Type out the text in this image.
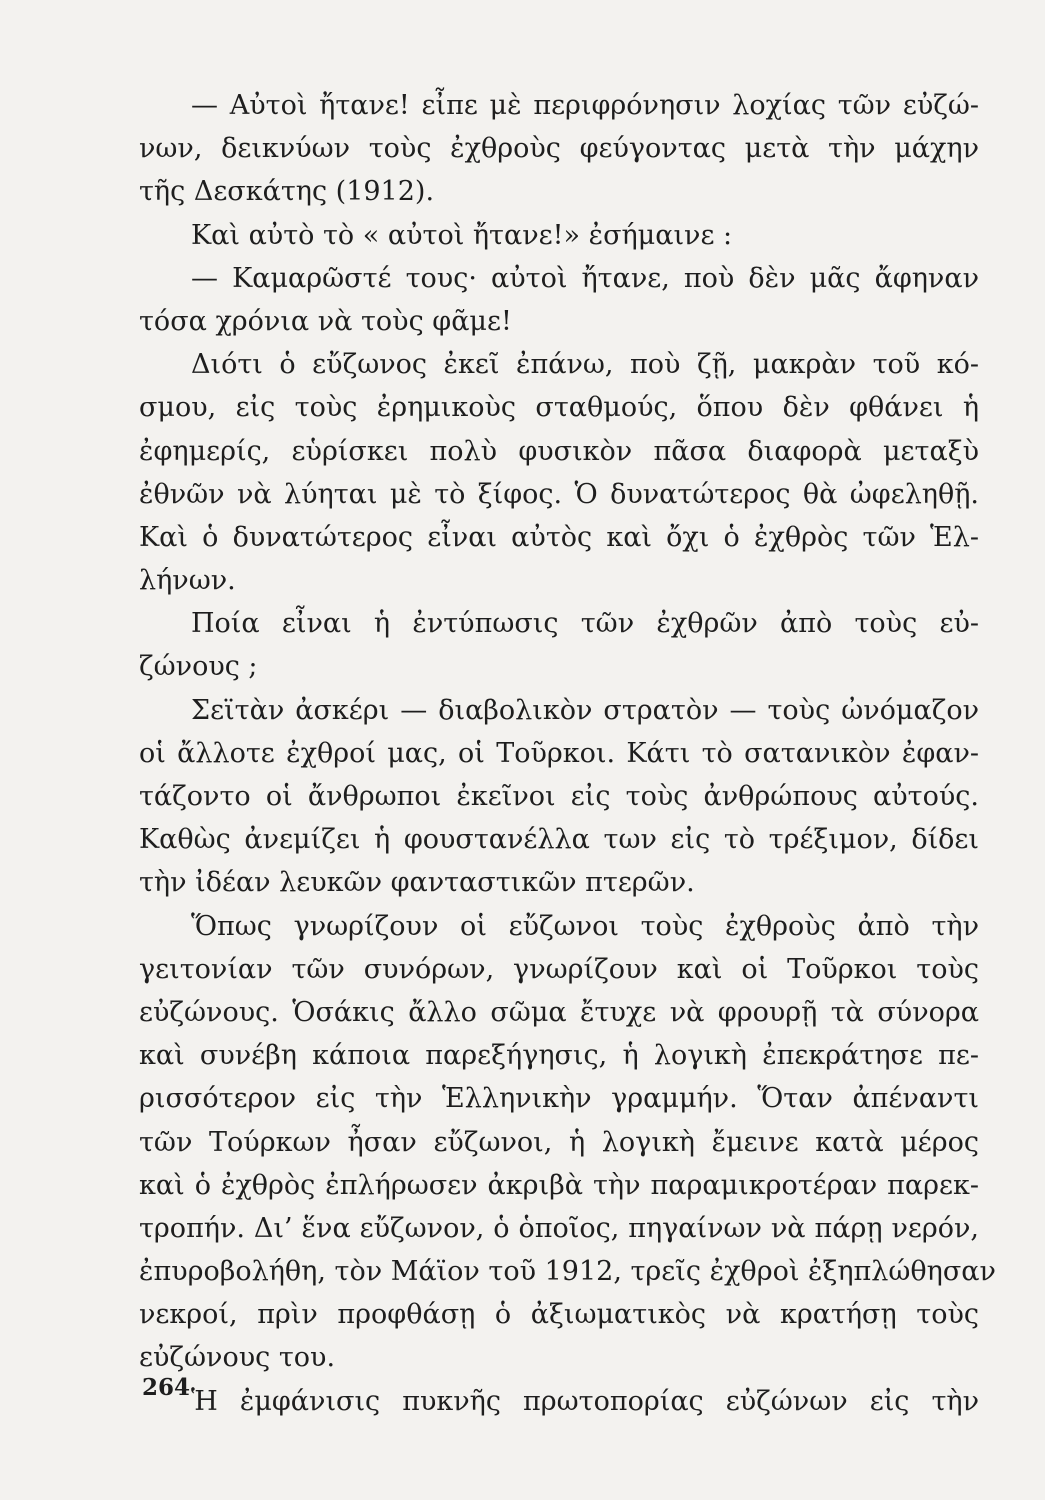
— Αὐτοὶ ἤτανε! εἶπε μὲ περιφρόνησιν λοχίας τῶν εὐζώ-
νων, δεικνύων τοὺς ἐχθροὺς φεύγοντας μετὰ τὴν μάχην
τῆς Δεσκάτης (1912).
Καὶ αὐτὸ τὸ « αὐτοὶ ἤτανε!» ἐσήμαινε :
— Καμαρῶστέ τους· αὐτοὶ ἤτανε, ποὺ δὲν μᾶς ἄφηναν
τόσα χρόνια νὰ τοὺς φᾶμε!
Διότι ὁ εὔζωνος ἐκεῖ ἐπάνω, ποὺ ζῇ, μακρὰν τοῦ κό-
σμου, εἰς τοὺς ἐρημικοὺς σταθμούς, ὅπου δὲν φθάνει ἡ
ἐφημερίς, εὑρίσκει πολὺ φυσικὸν πᾶσα διαφορὰ μεταξὺ
ἐθνῶν νὰ λύηται μὲ τὸ ξίφος. Ὁ δυνατώτερος θὰ ὠφεληθῇ.
Καὶ ὁ δυνατώτερος εἶναι αὐτὸς καὶ ὄχι ὁ ἐχθρὸς τῶν Ἑλ-
λήνων.
Ποία εἶναι ἡ ἐντύπωσις τῶν ἐχθρῶν ἀπὸ τοὺς εὐ-
ζώνους ;
Σεϊτὰν ἀσκέρι — διαβολικὸν στρατὸν — τοὺς ὠνόμαζον
οἱ ἄλλοτε ἐχθροί μας, οἱ Τοῦρκοι. Κάτι τὸ σατανικὸν ἐφαν-
τάζοντο οἱ ἄνθρωποι ἐκεῖνοι εἰς τοὺς ἀνθρώπους αὐτούς.
Καθὼς ἀνεμίζει ἡ φουστανέλλα των εἰς τὸ τρέξιμον, δίδει
τὴν ἰδέαν λευκῶν φανταστικῶν πτερῶν.
Ὅπως γνωρίζουν οἱ εὔζωνοι τοὺς ἐχθροὺς ἀπὸ τὴν
γειτονίαν τῶν συνόρων, γνωρίζουν καὶ οἱ Τοῦρκοι τοὺς
εὐζώνους. Ὁσάκις ἄλλο σῶμα ἔτυχε νὰ φρουρῇ τὰ σύνορα
καὶ συνέβη κάποια παρεξήγησις, ἡ λογικὴ ἐπεκράτησε πε-
ρισσότερον εἰς τὴν Ἑλληνικὴν γραμμήν. Ὅταν ἀπέναντι
τῶν Τούρκων ἦσαν εὔζωνοι, ἡ λογικὴ ἔμεινε κατὰ μέρος
καὶ ὁ ἐχθρὸς ἐπλήρωσεν ἀκριβὰ τὴν παραμικροτέραν παρεκ-
τροπήν. Δι’ ἕνα εὔζωνον, ὁ ὁποῖος, πηγαίνων νὰ πάρῃ νερόν,
ἐπυροβολήθη, τὸν Μάϊον τοῦ 1912, τρεῖς ἐχθροὶ ἐξηπλώθησαν
νεκροί, πρὶν προφθάσῃ ὁ ἀξιωματικὸς νὰ κρατήσῃ τοὺς
εὐζώνους του.
Ἡ ἐμφάνισις πυκνῆς πρωτοπορίας εὐζώνων εἰς τὴν
264
